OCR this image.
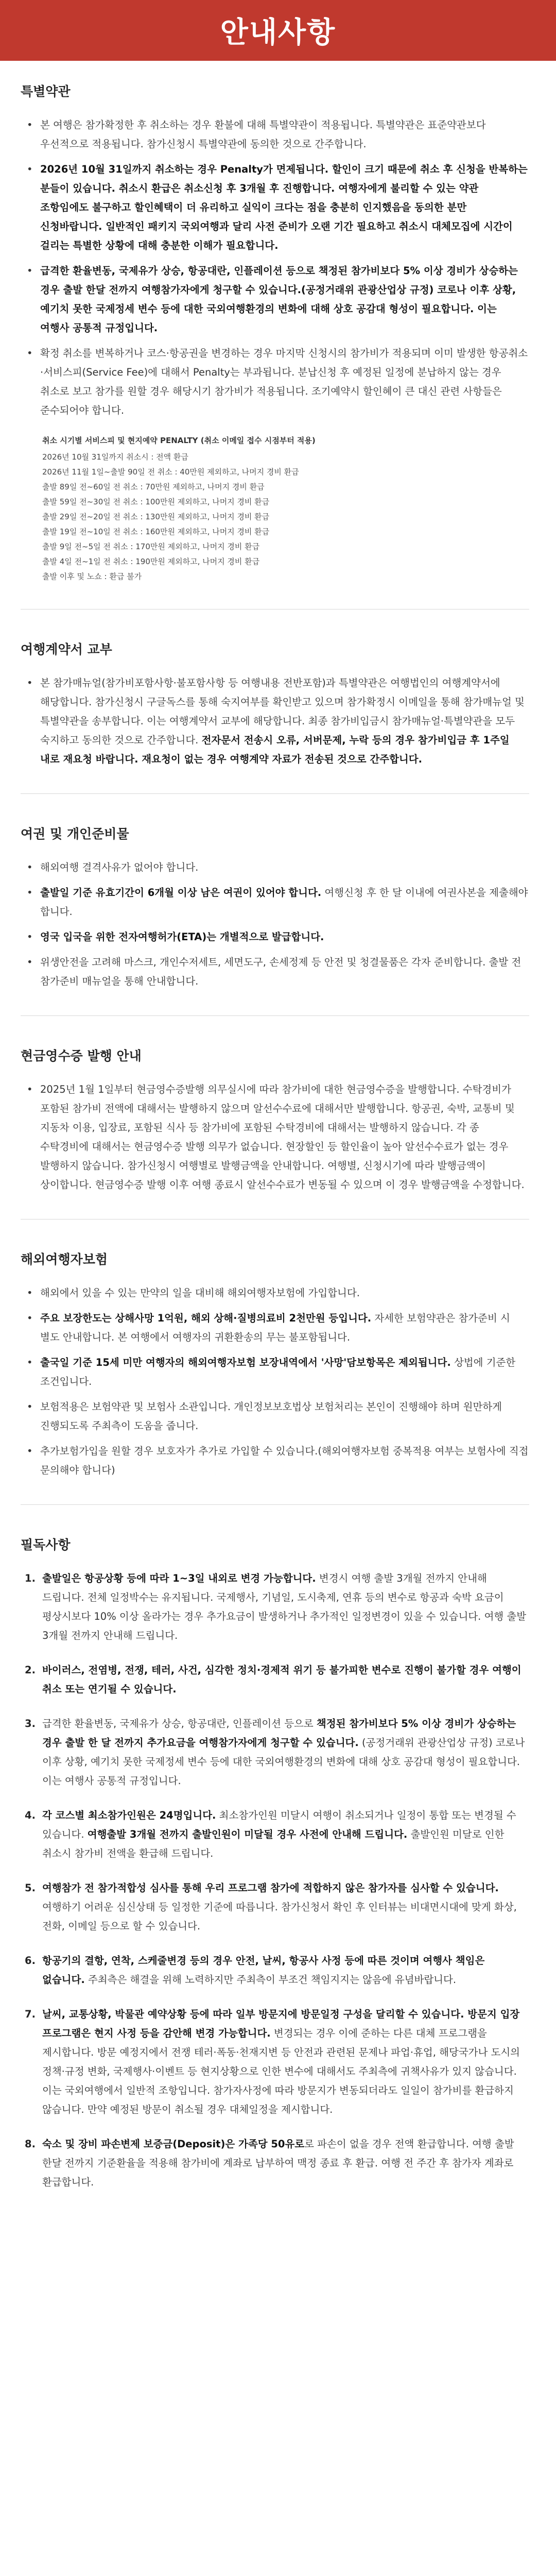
안내사항
특별약관
• 본 여행은 참가확정한 후 취소하는 경우 환불에 대해 특별약관이 적용됩니다. 특별약관은 표준약관보다 우선적으로 적용됩니다. 참가신청시 특별약관에 동의한 것으로 간주합니다.
• 2026년 10월 31일까지 취소하는 경우 Penalty가 면제됩니다. 할인이 크기 때문에 취소 후 신청을 반복하는 분들이 있습니다. 취소시 환급은 취소신청 후 3개월 후 진행합니다. 여행자에게 불리할 수 있는 약관 조항임에도 불구하고 할인혜택이 더 유리하고 실익이 크다는 점을 충분히 인지했음을 동의한 분만 신청바랍니다. 일반적인 패키지 국외여행과 달리 사전 준비가 오랜 기간 필요하고 취소시 대체모집에 시간이 걸리는 특별한 상황에 대해 충분한 이해가 필요합니다.
• 급격한 환율변동, 국제유가 상승, 항공대란, 인플레이션 등으로 책정된 참가비보다 5% 이상 경비가 상승하는 경우 출발 한달 전까지 여행참가자에게 청구할 수 있습니다.(공정거래위 관광산업상 규정) 코로나 이후 상황, 예기치 못한 국제정세 변수 등에 대한 국외여행환경의 변화에 대해 상호 공감대 형성이 필요합니다. 이는 여행사 공통적 규정입니다.
• 확정 취소를 변복하거나 코스·항공권을 변경하는 경우 마지막 신청시의 참가비가 적용되며 이미 발생한 항공취소·서비스피(Service Fee)에 대해서 Penalty는 부과됩니다. 분납신청 후 예정된 일정에 분납하지 않는 경우 취소로 보고 참가를 원할 경우 해당시기 참가비가 적용됩니다. 조기예약시 할인혜이 큰 대신 관련 사항들은 준수되어야 합니다.
취소 시기별 서비스피 및 현지예약 PENALTY (취소 이메일 접수 시점부터 적용)
2026년 10월 31일까지 취소시 : 전액 환급
2026년 11월 1일~출발 90일 전 취소 : 40만원 제외하고, 나머지 경비 환급
출발 89일 전~60일 전 취소 : 70만원 제외하고, 나머지 경비 환급
출발 59일 전~30일 전 취소 : 100만원 제외하고, 나머지 경비 환급
출발 29일 전~20일 전 취소 : 130만원 제외하고, 나머지 경비 환급
출발 19일 전~10일 전 취소 : 160만원 제외하고, 나머지 경비 환급
출발 9일 전~5일 전 취소 : 170만원 제외하고, 나머지 경비 환급
출발 4일 전~1일 전 취소 : 190만원 제외하고, 나머지 경비 환급
출발 이후 및 노쇼 : 환급 불가
여행계약서 교부
• 본 참가매뉴얼(참가비포함사항·불포함사항 등 여행내용 전반포함)과 특별약관은 여행법인의 여행계약서에 해당합니다. 참가신청시 구글독스를 통해 숙지여부를 확인받고 있으며 참가확정시 이메일을 통해 참가매뉴얼 및 특별약관을 송부합니다. 이는 여행계약서 교부에 해당합니다. 최종 참가비입금시 참가매뉴얼·특별약관을 모두 숙지하고 동의한 것으로 간주합니다. 전자문서 전송시 오류, 서버문제, 누락 등의 경우 참가비입금 후 1주일 내로 재요청 바랍니다. 재요청이 없는 경우 여행계약 자료가 전송된 것으로 간주합니다.
여권 및 개인준비물
• 해외여행 결격사유가 없어야 합니다.
• 출발일 기준 유효기간이 6개월 이상 남은 여권이 있어야 합니다. 여행신청 후 한 달 이내에 여권사본을 제출해야 합니다.
• 영국 입국을 위한 전자여행허가(ETA)는 개별적으로 발급합니다.
• 위생안전을 고려해 마스크, 개인수저세트, 세면도구, 손세정제 등 안전 및 청결물품은 각자 준비합니다. 출발 전 참가준비 매뉴얼을 통해 안내합니다.
현금영수증 발행 안내
• 2025년 1월 1일부터 현금영수증발행 의무실시에 따라 참가비에 대한 현금영수증을 발행합니다. 수탁경비가 포함된 참가비 전액에 대해서는 발행하지 않으며 알선수수료에 대해서만 발행합니다. 항공권, 숙박, 교통비 및 지동차 이용, 입장료, 포함된 식사 등 참가비에 포함된 수탁경비에 대해서는 발행하지 않습니다. 각 종 수탁경비에 대해서는 현금영수증 발행 의무가 없습니다. 현장할인 등 할인율이 높아 알선수수료가 없는 경우 발행하지 않습니다. 참가신청시 여행별로 발행금액을 안내합니다. 여행별, 신청시기에 따라 발행금액이 상이합니다. 현금영수증 발행 이후 여행 종료시 알선수수료가 변동될 수 있으며 이 경우 발행금액을 수정합니다.
해외여행자보험
• 해외에서 있을 수 있는 만약의 일을 대비해 해외여행자보험에 가입합니다.
• 주요 보장한도는 상해사망 1억원, 해외 상해·질병의료비 2천만원 등입니다. 자세한 보험약관은 참가준비 시 별도 안내합니다. 본 여행에서 여행자의 귀환환송의 무는 불포함됩니다.
• 출국일 기준 15세 미만 여행자의 해외여행자보험 보장내역에서 '사망'담보항목은 제외됩니다. 상법에 기준한 조건입니다.
• 보험적용은 보험약관 및 보험사 소관입니다. 개인정보보호법상 보험처리는 본인이 진행해야 하며 원만하게 진행되도록 주최측이 도움을 줍니다.
• 추가보험가입을 원할 경우 보호자가 추가로 가입할 수 있습니다.(해외여행자보험 중복적용 여부는 보험사에 직접 문의해야 합니다)
필독사항
1. 출발일은 항공상황 등에 따라 1~3일 내외로 변경 가능합니다. 변경시 여행 출발 3개월 전까지 안내해 드립니다. 전체 일정박수는 유지됩니다. 국제행사, 기념일, 도시축제, 연휴 등의 변수로 항공과 숙박 요금이 평상시보다 10% 이상 올라가는 경우 추가요금이 발생하거나 추가적인 일정변경이 있을 수 있습니다. 여행 출발 3개월 전까지 안내해 드립니다.
2. 바이러스, 전염병, 전쟁, 테러, 사건, 심각한 정치·경제적 위기 등 불가피한 변수로 진행이 불가할 경우 여행이 취소 또는 연기될 수 있습니다.
3. 급격한 환율변동, 국제유가 상승, 항공대란, 인플레이션 등으로 책정된 참가비보다 5% 이상 경비가 상승하는 경우 출발 한 달 전까지 추가요금을 여행참가자에게 청구할 수 있습니다. (공정거래위 관광산업상 규정) 코로나 이후 상황, 예기치 못한 국제정세 변수 등에 대한 국외여행환경의 변화에 대해 상호 공감대 형성이 필요합니다. 이는 여행사 공통적 규정입니다.
4. 각 코스별 최소참가인원은 24명입니다. 최소참가인원 미달시 여행이 취소되거나 일정이 통합 또는 변경될 수 있습니다. 여행출발 3개월 전까지 출발인원이 미달될 경우 사전에 안내해 드립니다. 출발인원 미달로 인한 취소시 참가비 전액을 환급해 드립니다.
5. 여행참가 전 참가적합성 심사를 통해 우리 프로그램 참가에 적합하지 않은 참가자를 심사할 수 있습니다. 여행하기 어려운 심신상태 등 일정한 기준에 따릅니다. 참가신청서 확인 후 인터뷰는 비대면시대에 맞게 화상, 전화, 이메일 등으로 할 수 있습니다.
6. 항공기의 결항, 연착, 스케줄변경 등의 경우 안전, 날씨, 항공사 사정 등에 따른 것이며 여행사 책임은 없습니다. 주최측은 해결을 위해 노력하지만 주최측이 부조건 책임지지는 않음에 유념바랍니다.
7. 날씨, 교통상황, 박물관 예약상황 등에 따라 일부 방문지에 방문일정 구성을 달리할 수 있습니다. 방문지 입장 프로그램은 현지 사정 등을 감안해 변경 가능합니다. 변경되는 경우 이에 준하는 다른 대체 프로그램을 제시합니다. 방문 예정지에서 전쟁 테러·폭동·천재지변 등 안전과 관련된 문제나 파업·휴업, 해당국가나 도시의 정책·규정 변화, 국제행사·이벤트 등 현지상황으로 인한 변수에 대해서도 주최측에 귀책사유가 있지 않습니다. 이는 국외여행에서 일반적 조항입니다. 참가자사정에 따라 방문지가 변동되더라도 일일이 참가비를 환급하지 않습니다. 만약 예정된 방문이 취소될 경우 대체일정을 제시합니다.
8. 숙소 및 장비 파손변제 보증금(Deposit)은 가족당 50유로로 파손이 없을 경우 전액 환급합니다. 여행 출발 한달 전까지 기준환율을 적용해 참가비에 계좌로 납부하여 맥정 종료 후 환급. 여행 전 주간 후 참가자 계좌로 환급합니다.
